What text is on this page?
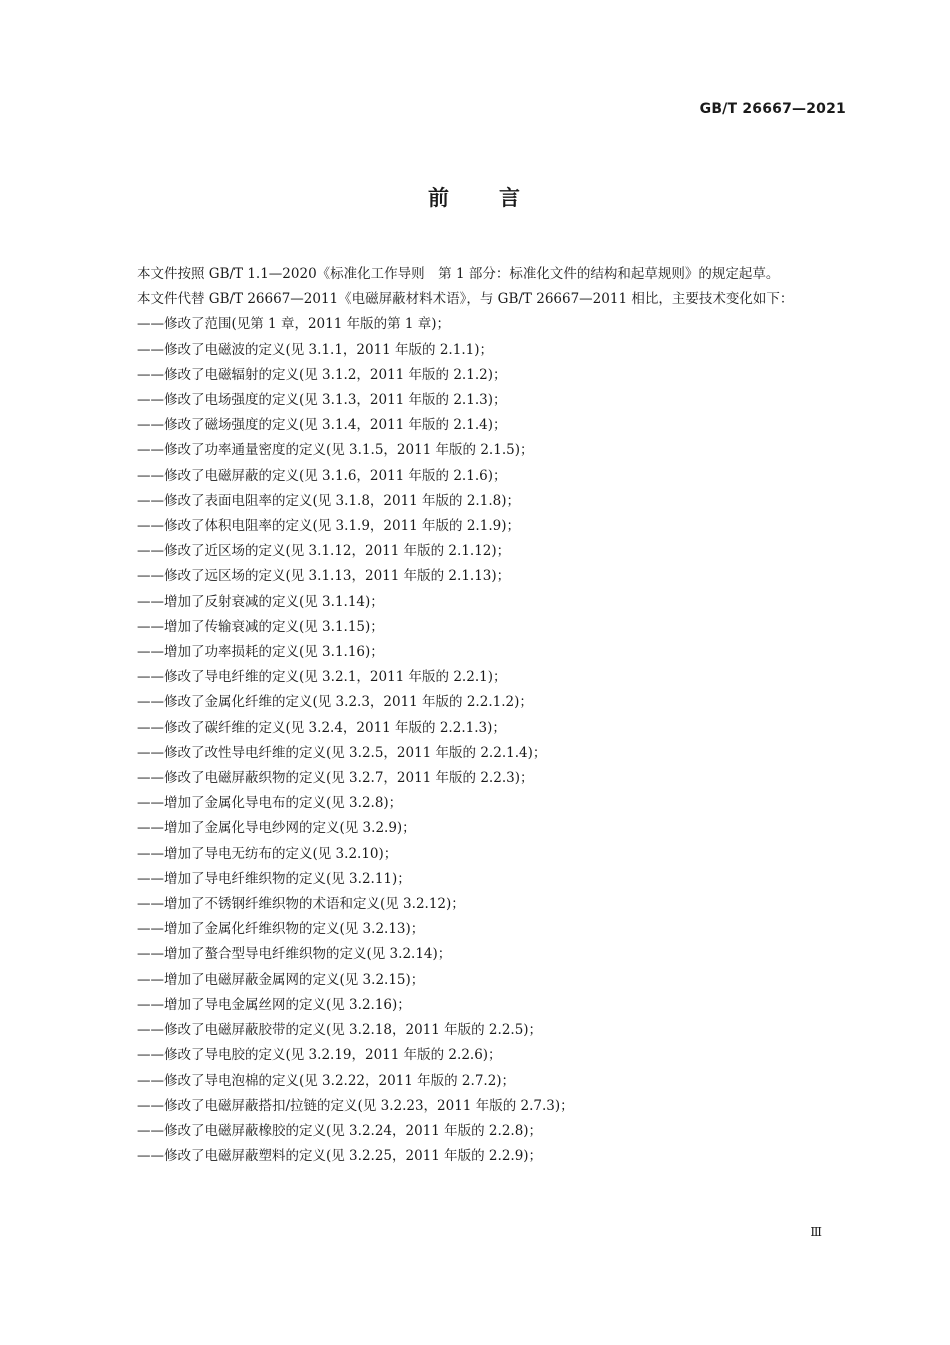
GB/T 26667—2021
前 言

本文件按照 GB/T 1.1—2020《标准化工作导则　第 1 部分：标准化文件的结构和起草规则》的规定起草。

本文件代替 GB/T 26667—2011《电磁屏蔽材料术语》，与 GB/T 26667—2011 相比，主要技术变化如下：

——修改了范围(见第 1 章，2011 年版的第 1 章)；
——修改了电磁波的定义(见 3.1.1，2011 年版的 2.1.1)；
——修改了电磁辐射的定义(见 3.1.2，2011 年版的 2.1.2)；
——修改了电场强度的定义(见 3.1.3，2011 年版的 2.1.3)；
——修改了磁场强度的定义(见 3.1.4，2011 年版的 2.1.4)；
——修改了功率通量密度的定义(见 3.1.5，2011 年版的 2.1.5)；
——修改了电磁屏蔽的定义(见 3.1.6，2011 年版的 2.1.6)；
——修改了表面电阻率的定义(见 3.1.8，2011 年版的 2.1.8)；
——修改了体积电阻率的定义(见 3.1.9，2011 年版的 2.1.9)；
——修改了近区场的定义(见 3.1.12，2011 年版的 2.1.12)；
——修改了远区场的定义(见 3.1.13，2011 年版的 2.1.13)；
——增加了反射衰减的定义(见 3.1.14)；
——增加了传输衰减的定义(见 3.1.15)；
——增加了功率损耗的定义(见 3.1.16)；
——修改了导电纤维的定义(见 3.2.1，2011 年版的 2.2.1)；
——修改了金属化纤维的定义(见 3.2.3，2011 年版的 2.2.1.2)；
——修改了碳纤维的定义(见 3.2.4，2011 年版的 2.2.1.3)；
——修改了改性导电纤维的定义(见 3.2.5，2011 年版的 2.2.1.4)；
——修改了电磁屏蔽织物的定义(见 3.2.7，2011 年版的 2.2.3)；
——增加了金属化导电布的定义(见 3.2.8)；
——增加了金属化导电纱网的定义(见 3.2.9)；
——增加了导电无纺布的定义(见 3.2.10)；
——增加了导电纤维织物的定义(见 3.2.11)；
——增加了不锈钢纤维织物的术语和定义(见 3.2.12)；
——增加了金属化纤维织物的定义(见 3.2.13)；
——增加了螯合型导电纤维织物的定义(见 3.2.14)；
——增加了电磁屏蔽金属网的定义(见 3.2.15)；
——增加了导电金属丝网的定义(见 3.2.16)；
——修改了电磁屏蔽胶带的定义(见 3.2.18，2011 年版的 2.2.5)；
——修改了导电胶的定义(见 3.2.19，2011 年版的 2.2.6)；
——修改了导电泡棉的定义(见 3.2.22，2011 年版的 2.7.2)；
——修改了电磁屏蔽搭扣/拉链的定义(见 3.2.23，2011 年版的 2.7.3)；
——修改了电磁屏蔽橡胶的定义(见 3.2.24，2011 年版的 2.2.8)；
——修改了电磁屏蔽塑料的定义(见 3.2.25，2011 年版的 2.2.9)；
Ⅲ
